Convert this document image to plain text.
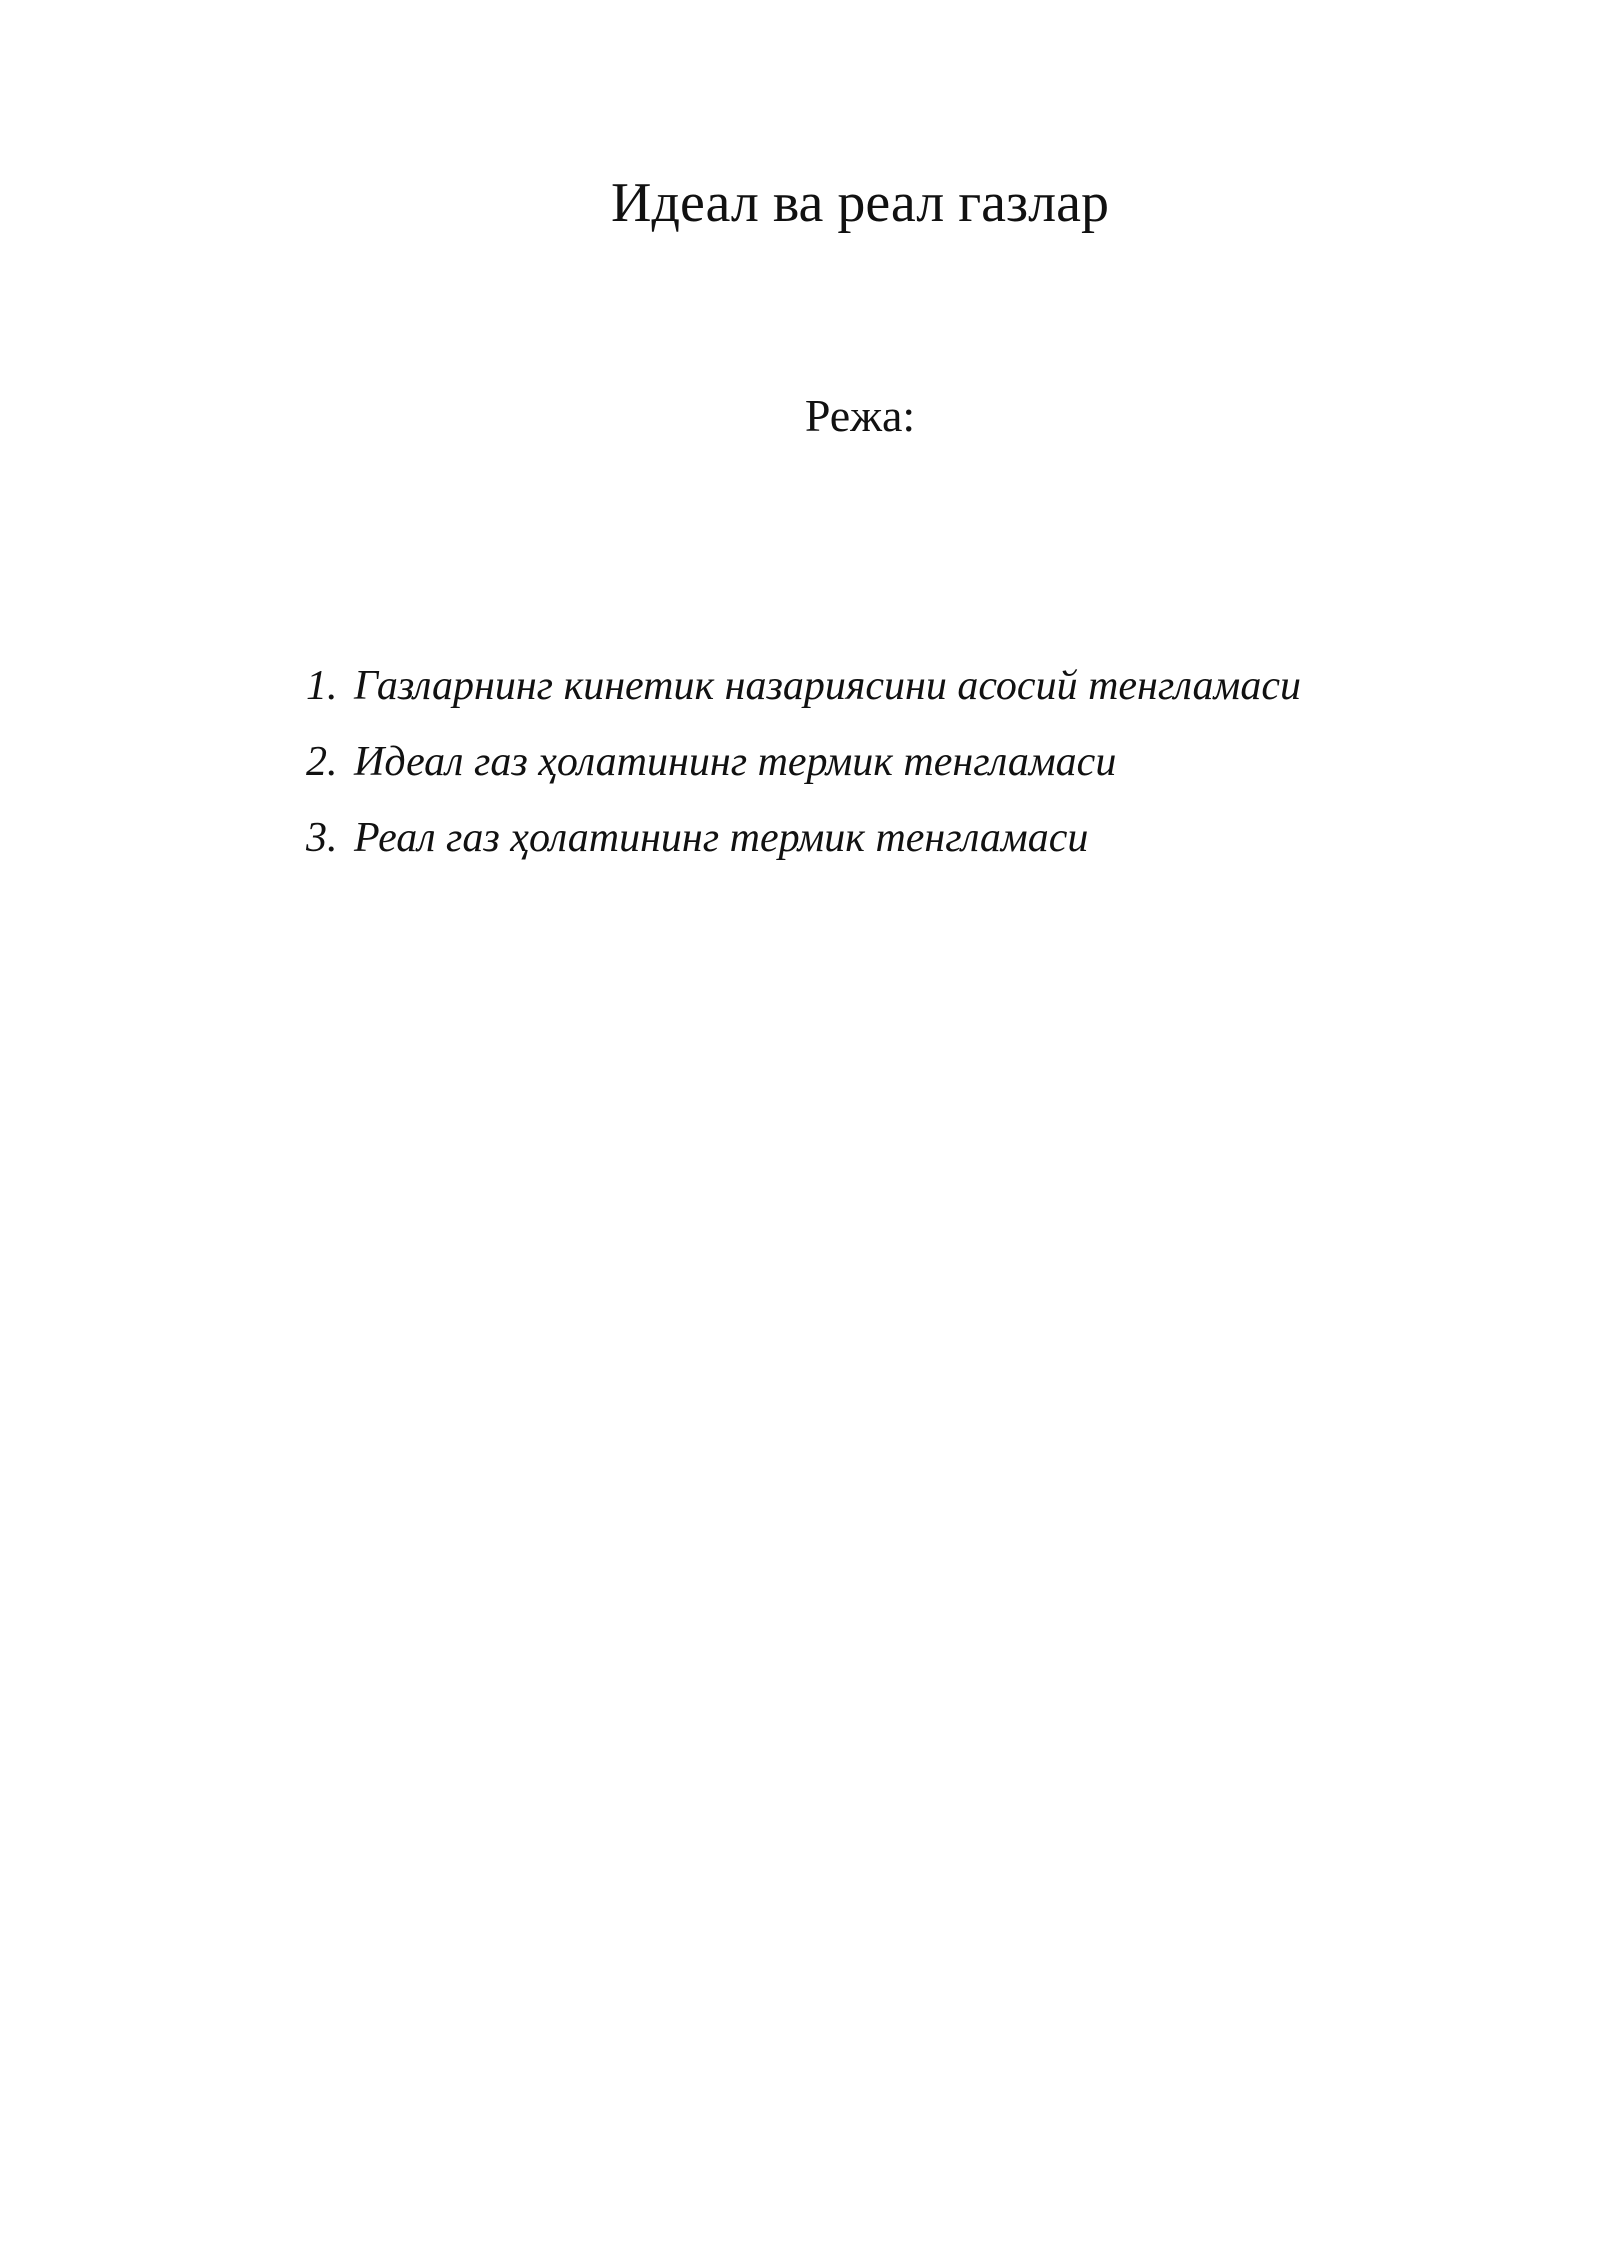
Идеал ва реал газлар

Режа:

1. Газларнинг кинетик назариясини асосий тенгламаси
2. Идеал газ ҳолатининг термик тенгламаси
3. Реал газ ҳолатининг термик тенгламаси
